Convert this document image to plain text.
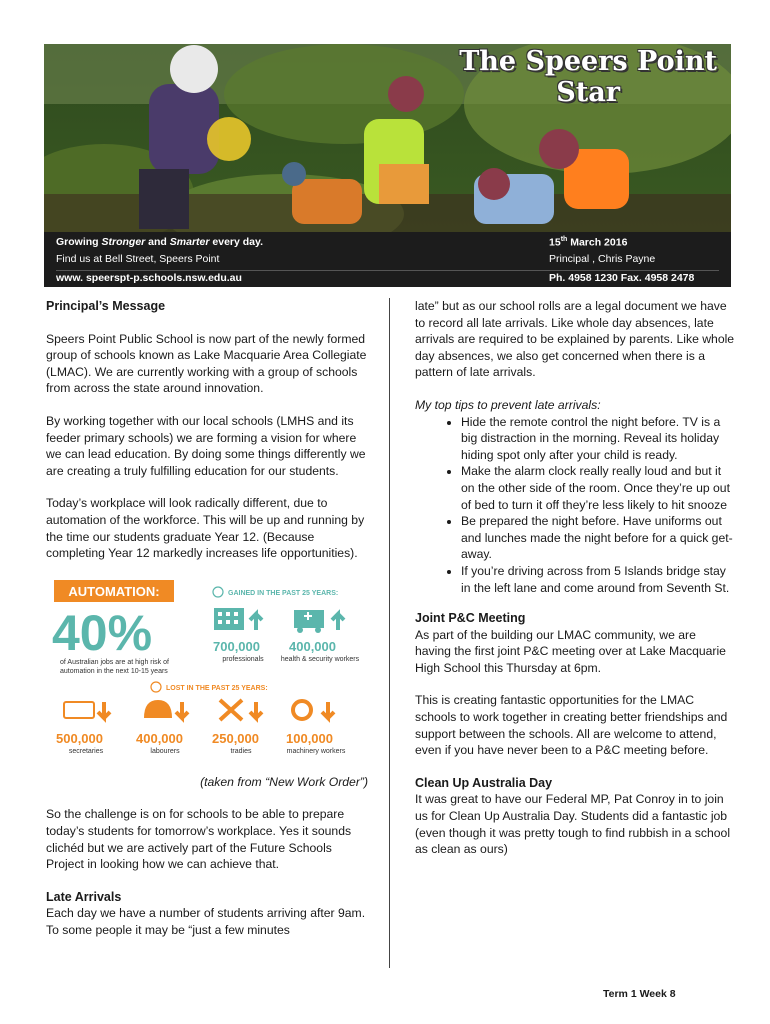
The Speers Point
Star
Growing Stronger and Smarter every day.	15th March 2016
Find us at Bell Street, Speers Point	Principal , Chris Payne
www. speerspt-p.schools.nsw.edu.au	Ph. 4958 1230 Fax. 4958 2478
Principal’s Message

Speers Point Public School is now part of the newly formed group of schools known as Lake Macquarie Area Collegiate (LMAC). We are currently working with a group of schools from across the state around innovation.

By working together with our local schools (LMHS and its feeder primary schools) we are forming a vision for where we can lead education. By doing some things differently we are creating a truly fulfilling education for our students.

Today’s workplace will look radically different, due to automation of the workforce. This will be up and running by the time our students graduate Year 12. (Because completing Year 12 markedly increases life opportunities).

AUTOMATION:
40%
of Australian jobs are at high risk of
automation in the next 10-15 years
GAINED IN THE PAST 25 YEARS:
700,000
professionals
400,000
health & security workers
LOST IN THE PAST 25 YEARS:
500,000
secretaries
400,000
labourers
250,000
tradies
100,000
machinery workers
(taken from “New Work Order”)

So the challenge is on for schools to be able to prepare today’s students for tomorrow’s workplace. Yes it sounds clichéd but we are actively part of the Future Schools Project in looking how we can achieve that.

Late Arrivals

Each day we have a number of students arriving after 9am. To some people it may be “just a few minutes

late” but as our school rolls are a legal document we have to record all late arrivals. Like whole day absences, late arrivals are required to be explained by parents. Like whole day absences, we also get concerned when there is a pattern of late arrivals.

My top tips to prevent late arrivals:
• Hide the remote control the night before. TV is a big distraction in the morning. Reveal its holiday hiding spot only after your child is ready.
• Make the alarm clock really really loud and but it on the other side of the room. Once they’re up out of bed to turn it off they’re less likely to hit snooze
• Be prepared the night before. Have uniforms out and lunches made the night before for a quick get-away.
• If you’re driving across from 5 Islands bridge stay in the left lane and come around from Seventh St.
Joint P&C Meeting

As part of the building our LMAC community, we are having the first joint P&C meeting over at Lake Macquarie High School this Thursday at 6pm.

This is creating fantastic opportunities for the LMAC schools to work together in creating better friendships and support between the schools. All are welcome to attend, even if you have never been to a P&C meeting before.

Clean Up Australia Day

It was great to have our Federal MP, Pat Conroy in to join us for Clean Up Australia Day. Students did a fantastic job (even though it was pretty tough to find rubbish in a school as clean as ours)

Term 1 Week 8
